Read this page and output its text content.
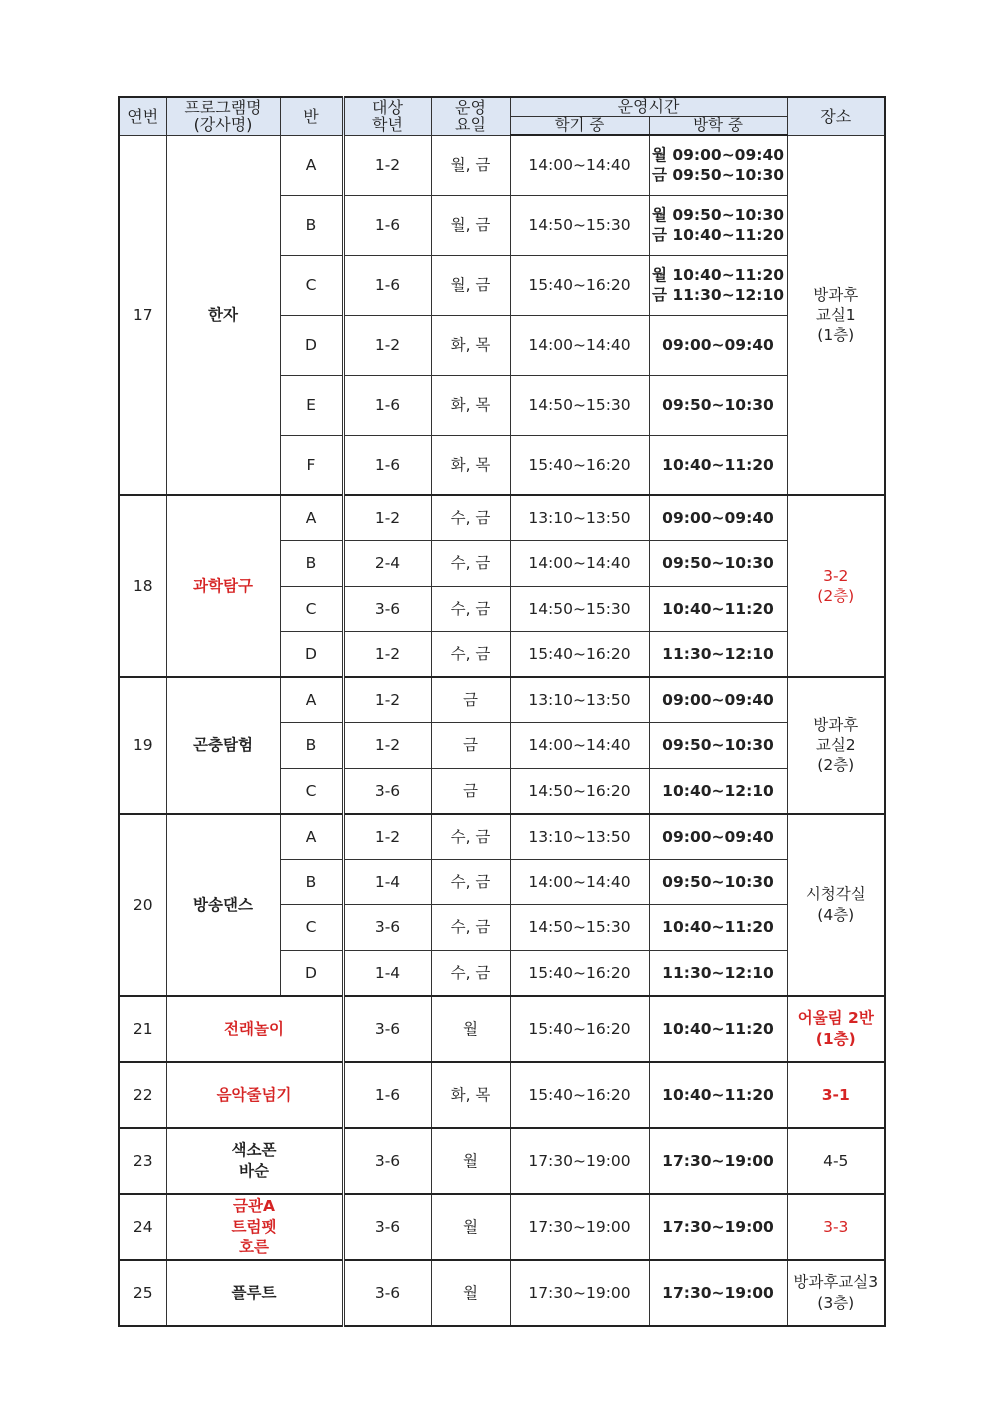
연번	프로그램명
(강사명)	반	대상
학년	운영
요일	운영시간		장소
					학기 중	방학 중	
17	한자	A	1-2	월, 금	14:00~14:40	월 09:00~09:40
금 09:50~10:30	방과후
교실1
(1층)
		B	1-6	월, 금	14:50~15:30	월 09:50~10:30
금 10:40~11:20	
		C	1-6	월, 금	15:40~16:20	월 10:40~11:20
금 11:30~12:10	
		D	1-2	화, 목	14:00~14:40	09:00~09:40	
		E	1-6	화, 목	14:50~15:30	09:50~10:30	
		F	1-6	화, 목	15:40~16:20	10:40~11:20	
18	과학탐구	A	1-2	수, 금	13:10~13:50	09:00~09:40	3-2
(2층)
		B	2-4	수, 금	14:00~14:40	09:50~10:30	
		C	3-6	수, 금	14:50~15:30	10:40~11:20	
		D	1-2	수, 금	15:40~16:20	11:30~12:10	
19	곤충탐험	A	1-2	금	13:10~13:50	09:00~09:40	방과후
교실2
(2층)
		B	1-2	금	14:00~14:40	09:50~10:30	
		C	3-6	금	14:50~16:20	10:40~12:10	
20	방송댄스	A	1-2	수, 금	13:10~13:50	09:00~09:40	시청각실
(4층)
		B	1-4	수, 금	14:00~14:40	09:50~10:30	
		C	3-6	수, 금	14:50~15:30	10:40~11:20	
		D	1-4	수, 금	15:40~16:20	11:30~12:10	
21	전래놀이		3-6	월	15:40~16:20	10:40~11:20	어울림 2반
(1층)
22	음악줄넘기		1-6	화, 목	15:40~16:20	10:40~11:20	3-1
23	색소폰
바순		3-6	월	17:30~19:00	17:30~19:00	4-5
24	금관A
트럼펫
호른		3-6	월	17:30~19:00	17:30~19:00	3-3
25	플루트		3-6	월	17:30~19:00	17:30~19:00	방과후교실3
(3층)
